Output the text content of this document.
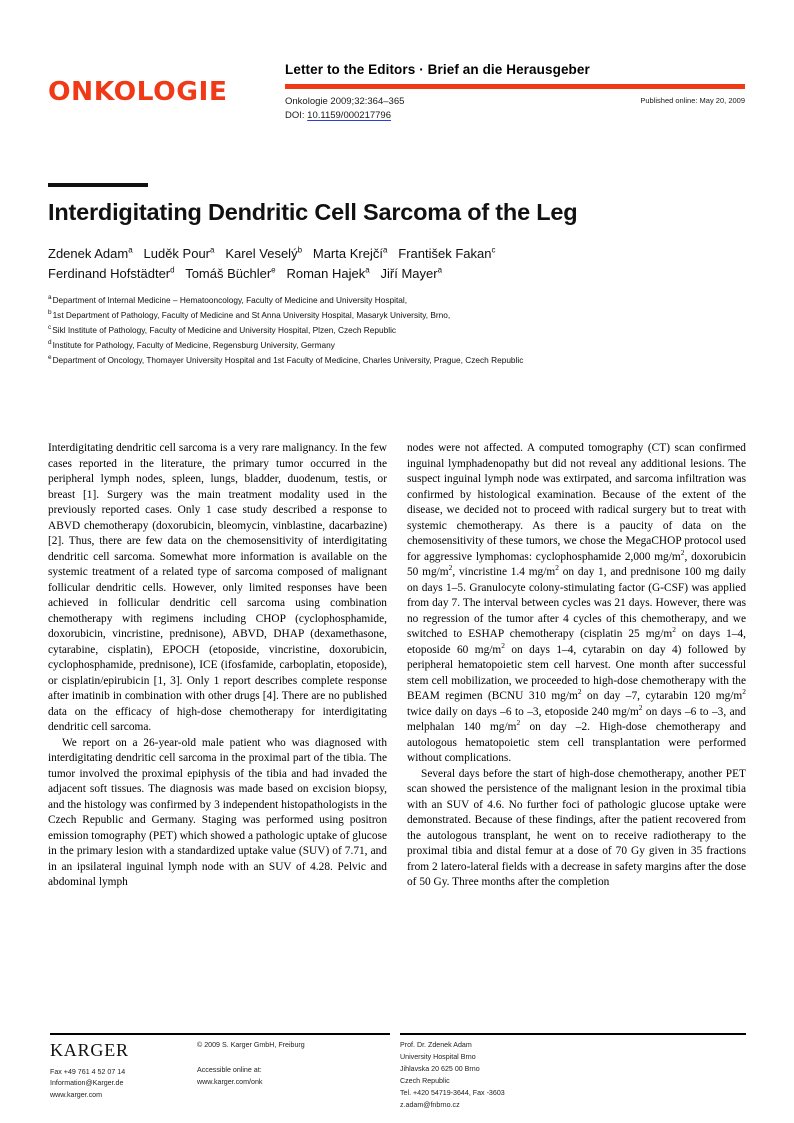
ONKOLOGIE
Letter to the Editors · Brief an die Herausgeber
Onkologie 2009;32:364–365
DOI: 10.1159/000217796
Published online: May 20, 2009
Interdigitating Dendritic Cell Sarcoma of the Leg
Zdenek Adam$^a$ Luděk Pour$^a$ Karel Veselý$^b$ Marta Krejčí$^a$ František Fakan$^c$
Ferdinand Hofstädter$^d$ Tomáš Büchler$^e$ Roman Hajek$^a$ Jiří Mayer$^a$
$^a$Department of Internal Medicine – Hematooncology, Faculty of Medicine and University Hospital,
$^b$1st Department of Pathology, Faculty of Medicine and St Anna University Hospital, Masaryk University, Brno,
$^c$Sikl Institute of Pathology, Faculty of Medicine and University Hospital, Plzen, Czech Republic
$^d$Institute for Pathology, Faculty of Medicine, Regensburg University, Germany
$^e$Department of Oncology, Thomayer University Hospital and 1st Faculty of Medicine, Charles University, Prague, Czech Republic

Interdigitating dendritic cell sarcoma is a very rare malignancy. In the few cases reported in the literature, the primary tumor occurred in the peripheral lymph nodes, spleen, lungs, bladder, duodenum, testis, or breast [1]. Surgery was the main treatment modality used in the previously reported cases. Only 1 case study described a response to ABVD chemotherapy (doxorubicin, bleomycin, vinblastine, dacarbazine) [2]. Thus, there are few data on the chemosensitivity of interdigitating dendritic cell sarcoma. Somewhat more information is available on the systemic treatment of a related type of sarcoma composed of malignant follicular dendritic cells. However, only limited responses have been achieved in follicular dendritic cell sarcoma using combination chemotherapy with regimens including CHOP (cyclophosphamide, doxorubicin, vincristine, prednisone), ABVD, DHAP (dexamethasone, cytarabine, cisplatin), EPOCH (etoposide, vincristine, doxorubicin, cyclophosphamide, prednisone), ICE (ifosfamide, carboplatin, etoposide), or cisplatin/epirubicin [1, 3]. Only 1 report describes complete response after imatinib in combination with other drugs [4]. There are no published data on the efficacy of high-dose chemotherapy for interdigitating dendritic cell sarcoma.

We report on a 26-year-old male patient who was diagnosed with interdigitating dendritic cell sarcoma in the proximal part of the tibia. The tumor involved the proximal epiphysis of the tibia and had invaded the adjacent soft tissues. The diagnosis was made based on excision biopsy, and the histology was confirmed by 3 independent histopathologists in the Czech Republic and Germany. Staging was performed using positron emission tomography (PET) which showed a pathologic uptake of glucose in the primary lesion with a standardized uptake value (SUV) of 7.71, and in an ipsilateral inguinal lymph node with an SUV of 4.28. Pelvic and abdominal lymph

nodes were not affected. A computed tomography (CT) scan confirmed inguinal lymphadenopathy but did not reveal any additional lesions. The suspect inguinal lymph node was extirpated, and sarcoma infiltration was confirmed by histological examination. Because of the extent of the disease, we decided not to proceed with radical surgery but to treat with systemic chemotherapy. As there is a paucity of data on the chemosensitivity of these tumors, we chose the MegaCHOP protocol used for aggressive lymphomas: cyclophosphamide 2,000 $mg/m^2$, doxorubicin 50 $mg/m^2$, vincristine 1.4 $mg/m^2$ on day 1, and prednisone 100 mg daily on days 1–5. Granulocyte colony-stimulating factor (G-CSF) was applied from day 7. The interval between cycles was 21 days. However, there was no regression of the tumor after 4 cycles of this chemotherapy, and we switched to ESHAP chemotherapy (cisplatin 25 $mg/m^2$ on days 1–4, etoposide 60 $mg/m^2$ on days 1–4, cytarabin on day 4) followed by peripheral hematopoietic stem cell harvest. One month after successful stem cell mobilization, we proceeded to high-dose chemotherapy with the BEAM regimen (BCNU 310 $mg/m^2$ on day –7, cytarabin 120 $mg/m^2$ twice daily on days –6 to –3, etoposide 240 $mg/m^2$ on days –6 to –3, and melphalan 140 $mg/m^2$ on day –2. High-dose chemotherapy and autologous hematopoietic stem cell transplantation were performed without complications.

Several days before the start of high-dose chemotherapy, another PET scan showed the persistence of the malignant lesion in the proximal tibia with an SUV of 4.6. No further foci of pathologic glucose uptake were demonstrated. Because of these findings, after the patient recovered from the autologous transplant, he went on to receive radiotherapy to the proximal tibia and distal femur at a dose of 70 Gy given in 35 fractions from 2 latero-lateral fields with a decrease in safety margins after the dose of 50 Gy. Three months after the completion

KARGER
Fax +49 761 4 52 07 14
Information@Karger.de
www.karger.com
© 2009 S. Karger GmbH, Freiburg
Accessible online at:
www.karger.com/onk
Prof. Dr. Zdenek Adam
University Hospital Brno
Jihlavska 20 625 00 Brno
Czech Republic
Tel. +420 54719-3644, Fax -3603
z.adam@fnbrno.cz
